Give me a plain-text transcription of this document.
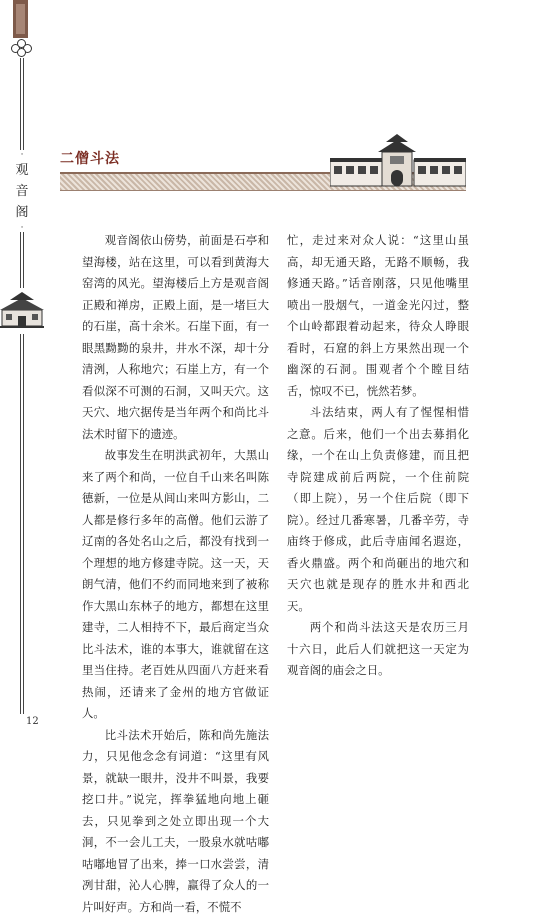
·
观
音
阁
·
12
二僧斗法

观音阁依山傍势，前面是石亭和望海楼，站在这里，可以看到黄海大窑湾的风光。望海楼后上方是观音阁正殿和禅房，正殿上面，是一堵巨大的石崖，高十余米。石崖下面，有一眼黑黝黝的泉井，井水不深，却十分清洌，人称地穴；石崖上方，有一个看似深不可测的石洞，又叫天穴。这天穴、地穴据传是当年两个和尚比斗法术时留下的遗迹。

故事发生在明洪武初年，大黑山来了两个和尚，一位自千山来名叫陈德新，一位是从闾山来叫方影山，二人都是修行多年的高僧。他们云游了辽南的各处名山之后，都没有找到一个理想的地方修建寺院。这一天，天朗气清，他们不约而同地来到了被称作大黑山东林子的地方，都想在这里建寺，二人相持不下，最后商定当众比斗法术，谁的本事大，谁就留在这里当住持。老百姓从四面八方赶来看热闹，还请来了金州的地方官做证人。

比斗法术开始后，陈和尚先施法力，只见他念念有词道：“这里有风景，就缺一眼井，没井不叫景，我要挖口井。”说完，挥拳猛地向地上砸去，只见拳到之处立即出现一个大洞，不一会儿工夫，一股泉水就咕嘟咕嘟地冒了出来，捧一口水尝尝，清冽甘甜，沁人心脾，赢得了众人的一片叫好声。方和尚一看，不慌不

忙，走过来对众人说：“这里山虽高，却无通天路，无路不顺畅，我修通天路。”话音刚落，只见他嘴里喷出一股烟气，一道金光闪过，整个山岭都跟着动起来，待众人睁眼看时，石窟的斜上方果然出现一个幽深的石洞。围观者个个瞠目结舌，惊叹不已，恍然若梦。

斗法结束，两人有了惺惺相惜之意。后来，他们一个出去募捐化缘，一个在山上负责修建，而且把寺院建成前后两院，一个住前院（即上院），另一个住后院（即下院）。经过几番寒暑，几番辛劳，寺庙终于修成，此后寺庙闻名遐迩，香火鼎盛。两个和尚砸出的地穴和天穴也就是现存的胜水井和西北天。

两个和尚斗法这天是农历三月十六日，此后人们就把这一天定为观音阁的庙会之日。
